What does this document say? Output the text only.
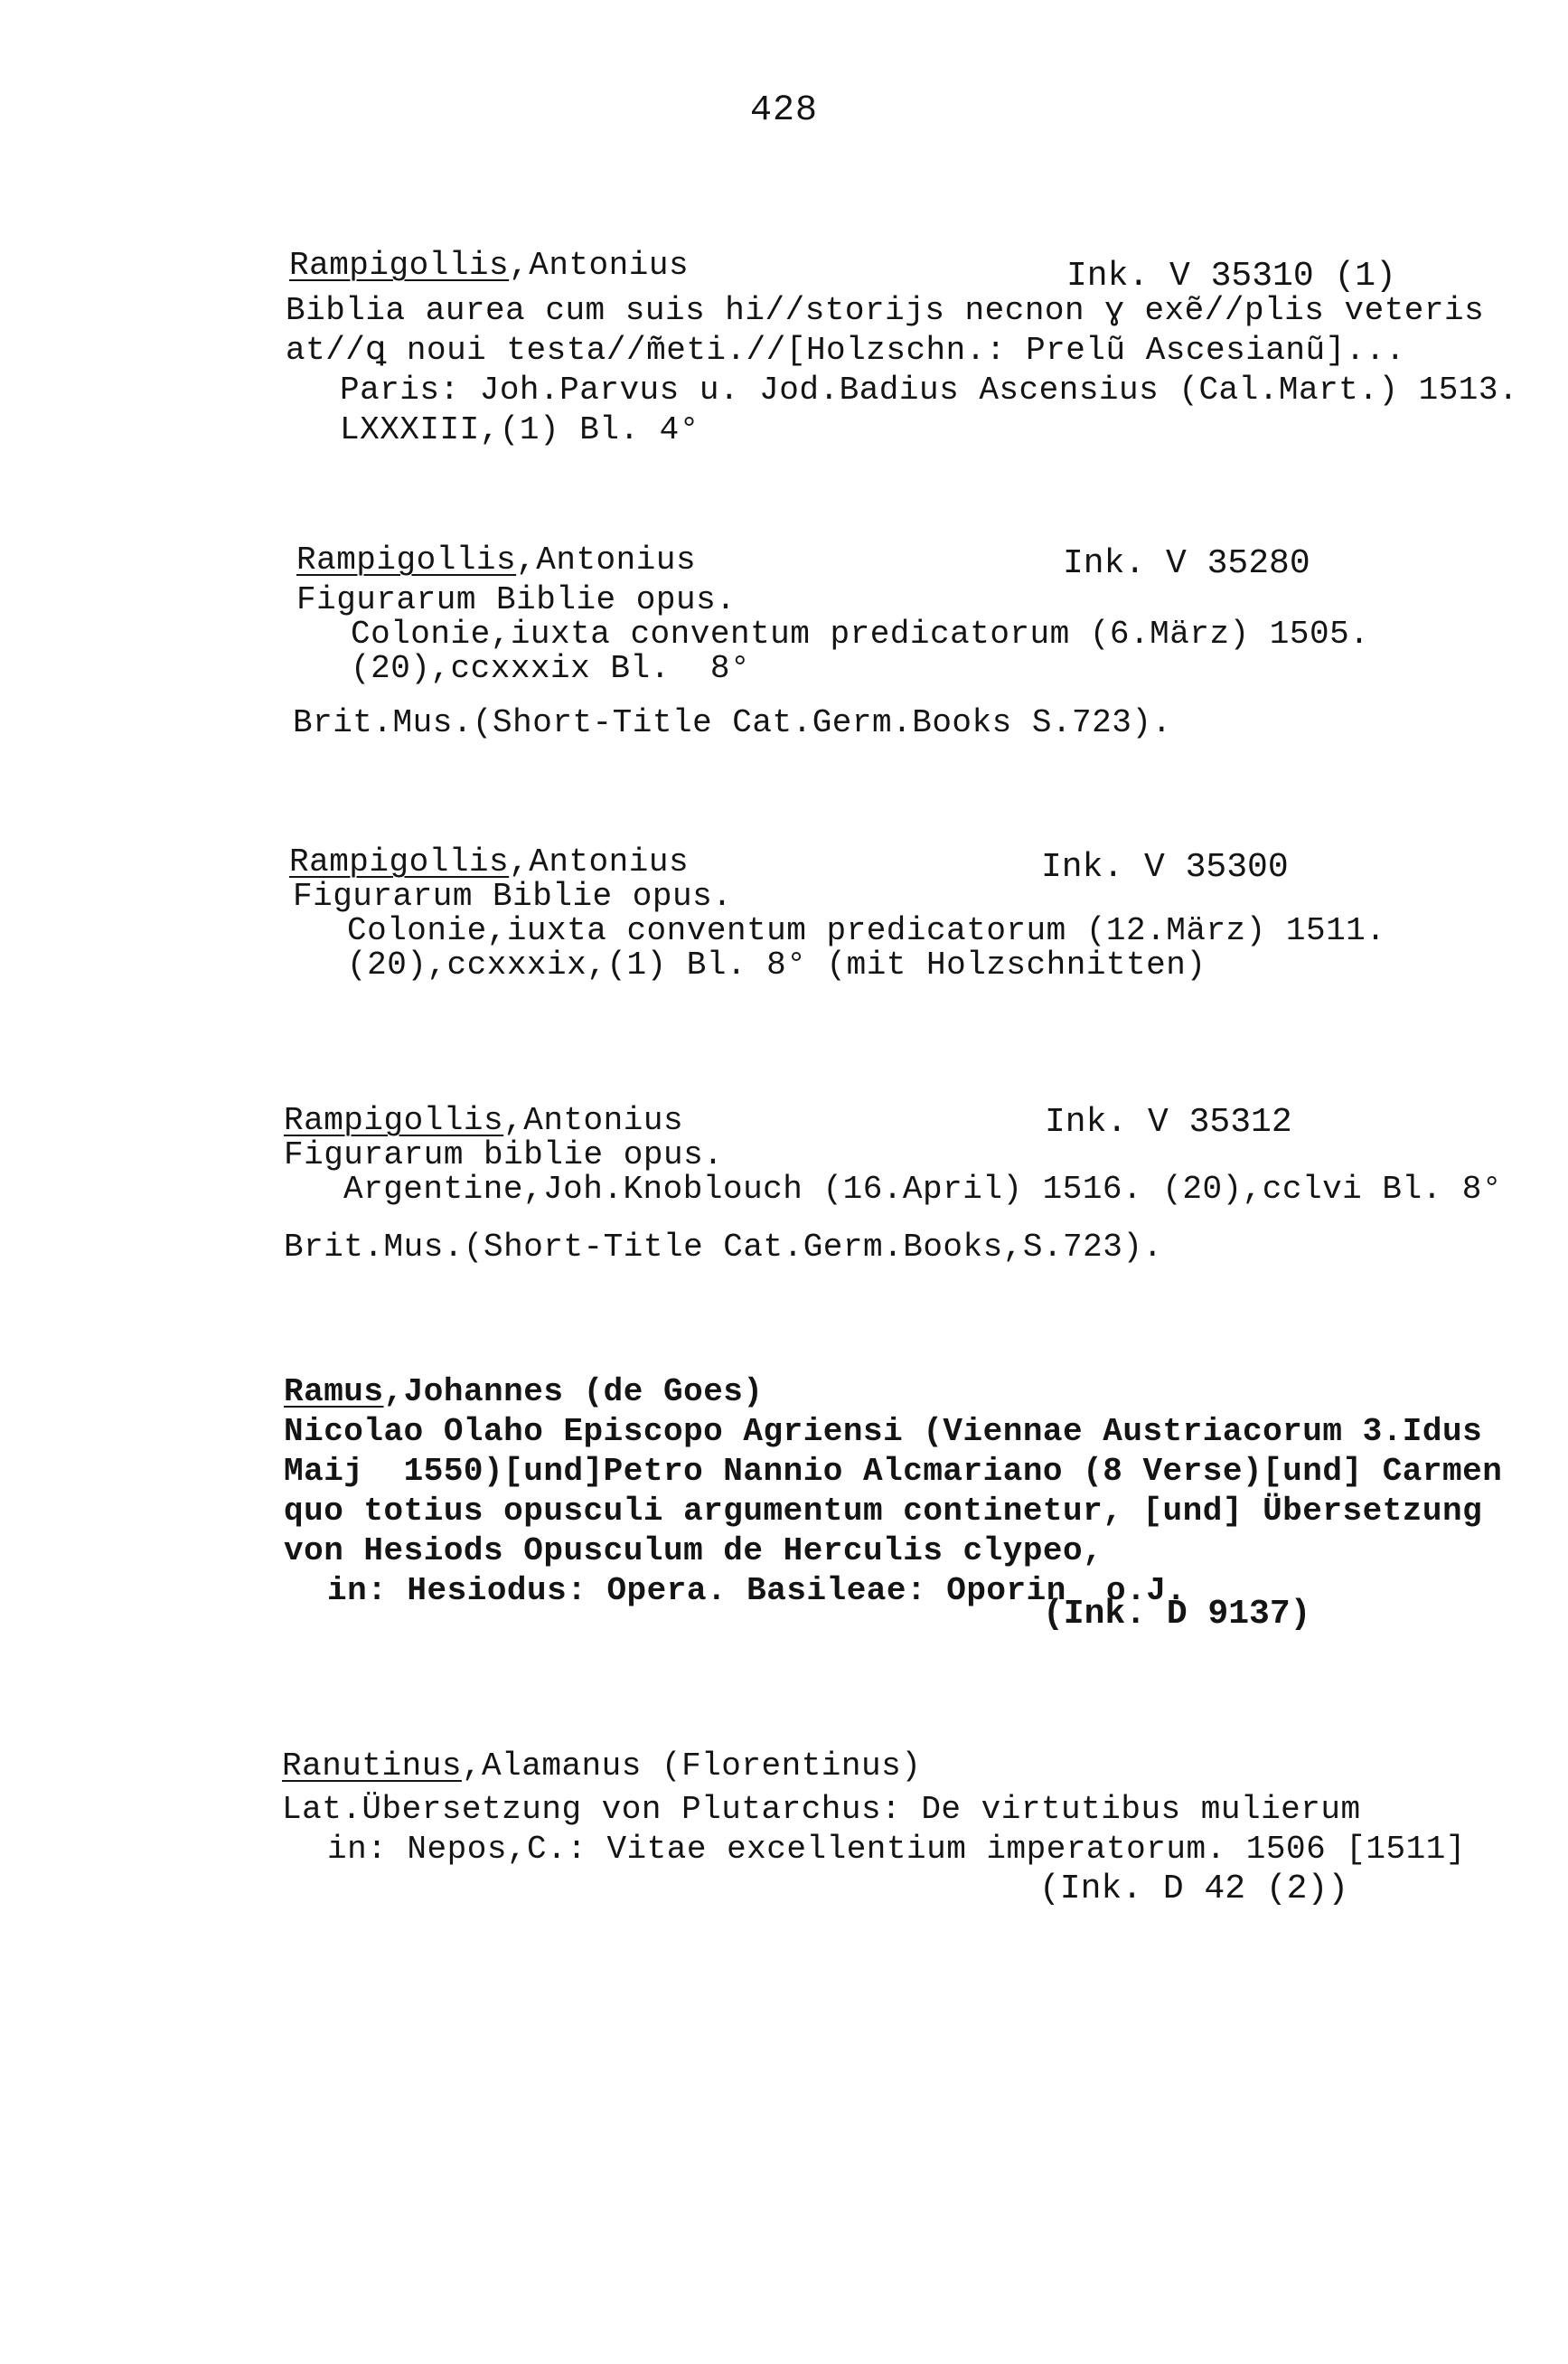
428
Rampigollis,Antonius	Ink. V 35310 (1)
Biblia aurea cum suis hi//storijs necnon ɣ exẽ//plis veteris
at//ꝗ noui testa//m̃eti.//[Holzschn.: Prelũ Ascesianũ]...
Paris: Joh.Parvus u. Jod.Badius Ascensius (Cal.Mart.) 1513.
LXXXIII,(1) Bl. 4°
Rampigollis,Antonius	Ink. V 35280
Figurarum Biblie opus.
Colonie,iuxta conventum predicatorum (6.März) 1505.
(20),ccxxxix Bl.  8°
Brit.Mus.(Short-Title Cat.Germ.Books S.723).
Rampigollis,Antonius	Ink. V 35300
Figurarum Biblie opus.
Colonie,iuxta conventum predicatorum (12.März) 1511.
(20),ccxxxix,(1) Bl. 8° (mit Holzschnitten)
Rampigollis,Antonius	Ink. V 35312
Figurarum biblie opus.
Argentine,Joh.Knoblouch (16.April) 1516. (20),cclvi Bl. 8°
Brit.Mus.(Short-Title Cat.Germ.Books,S.723).
Ramus,Johannes (de Goes)
Nicolao Olaho Episcopo Agriensi (Viennae Austriacorum 3.Idus
Maij  1550)[und]Petro Nannio Alcmariano (8 Verse)[und] Carmen
quo totius opusculi argumentum continetur, [und] Übersetzung
von Hesiods Opusculum de Herculis clypeo,
in: Hesiodus: Opera. Basileae: Oporin  o.J.
(Ink. D 9137)
Ranutinus,Alamanus (Florentinus)
Lat.Übersetzung von Plutarchus: De virtutibus mulierum
in: Nepos,C.: Vitae excellentium imperatorum. 1506 [1511]
(Ink. D 42 (2))
